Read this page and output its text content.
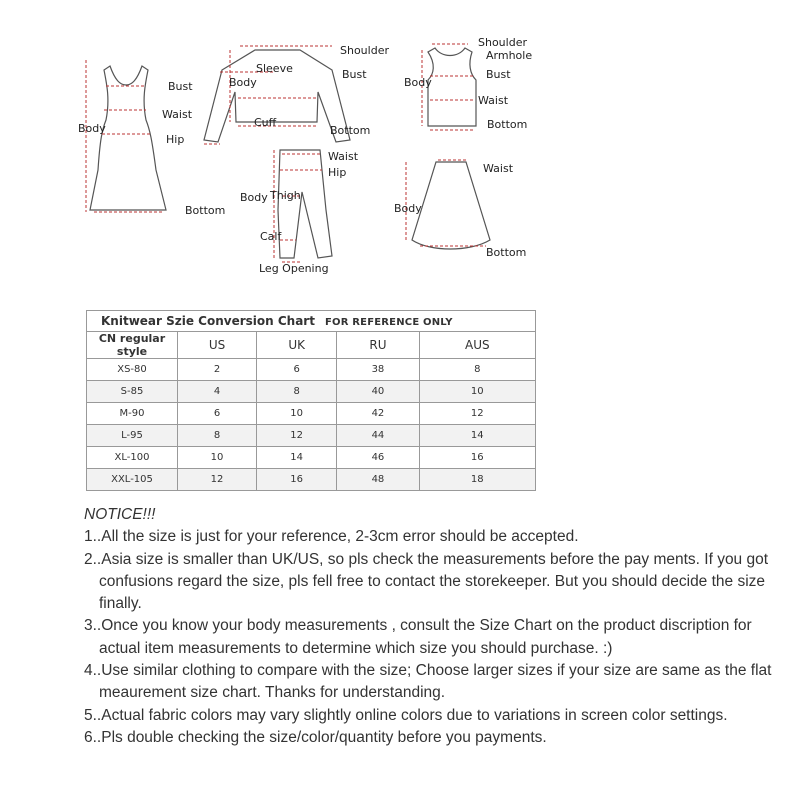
Bust
Waist
Hip
Body
Bottom
Shoulder
Sleeve	Bust
Body
Cuff
Bottom
Shoulder
Armhole
Bust
Body
Waist
Bottom
Waist
Hip
Body Thigh
Calf
Leg Opening
Waist
Body
Bottom
Knitwear Szie Conversion Chart FOR REFERENCE ONLY				
CN regular style	US	UK	RU	AUS
XS-80	2	6	38	8
S-85	4	8	40	10
M-90	6	10	42	12
L-95	8	12	44	14
XL-100	10	14	46	16
XXL-105	12	16	48	18
NOTICE!!!
1..All the size is just for your reference, 2-3cm error should be accepted.
2..Asia size is smaller than UK/US, so pls check the measurements before the pay ments. If you got confusions regard the size, pls fell free to contact the storekeeper. But you should decide the size finally.
3..Once you know your body measurements , consult the Size Chart on the product discription for actual item measurements to determine which size you should purchase. :)
4..Use similar clothing to compare with the size; Choose larger sizes if your size are same as the flat meaurement size chart. Thanks for understanding.
5..Actual fabric colors may vary slightly online colors due to variations in screen color settings.
6..Pls double checking the size/color/quantity before you payments.
